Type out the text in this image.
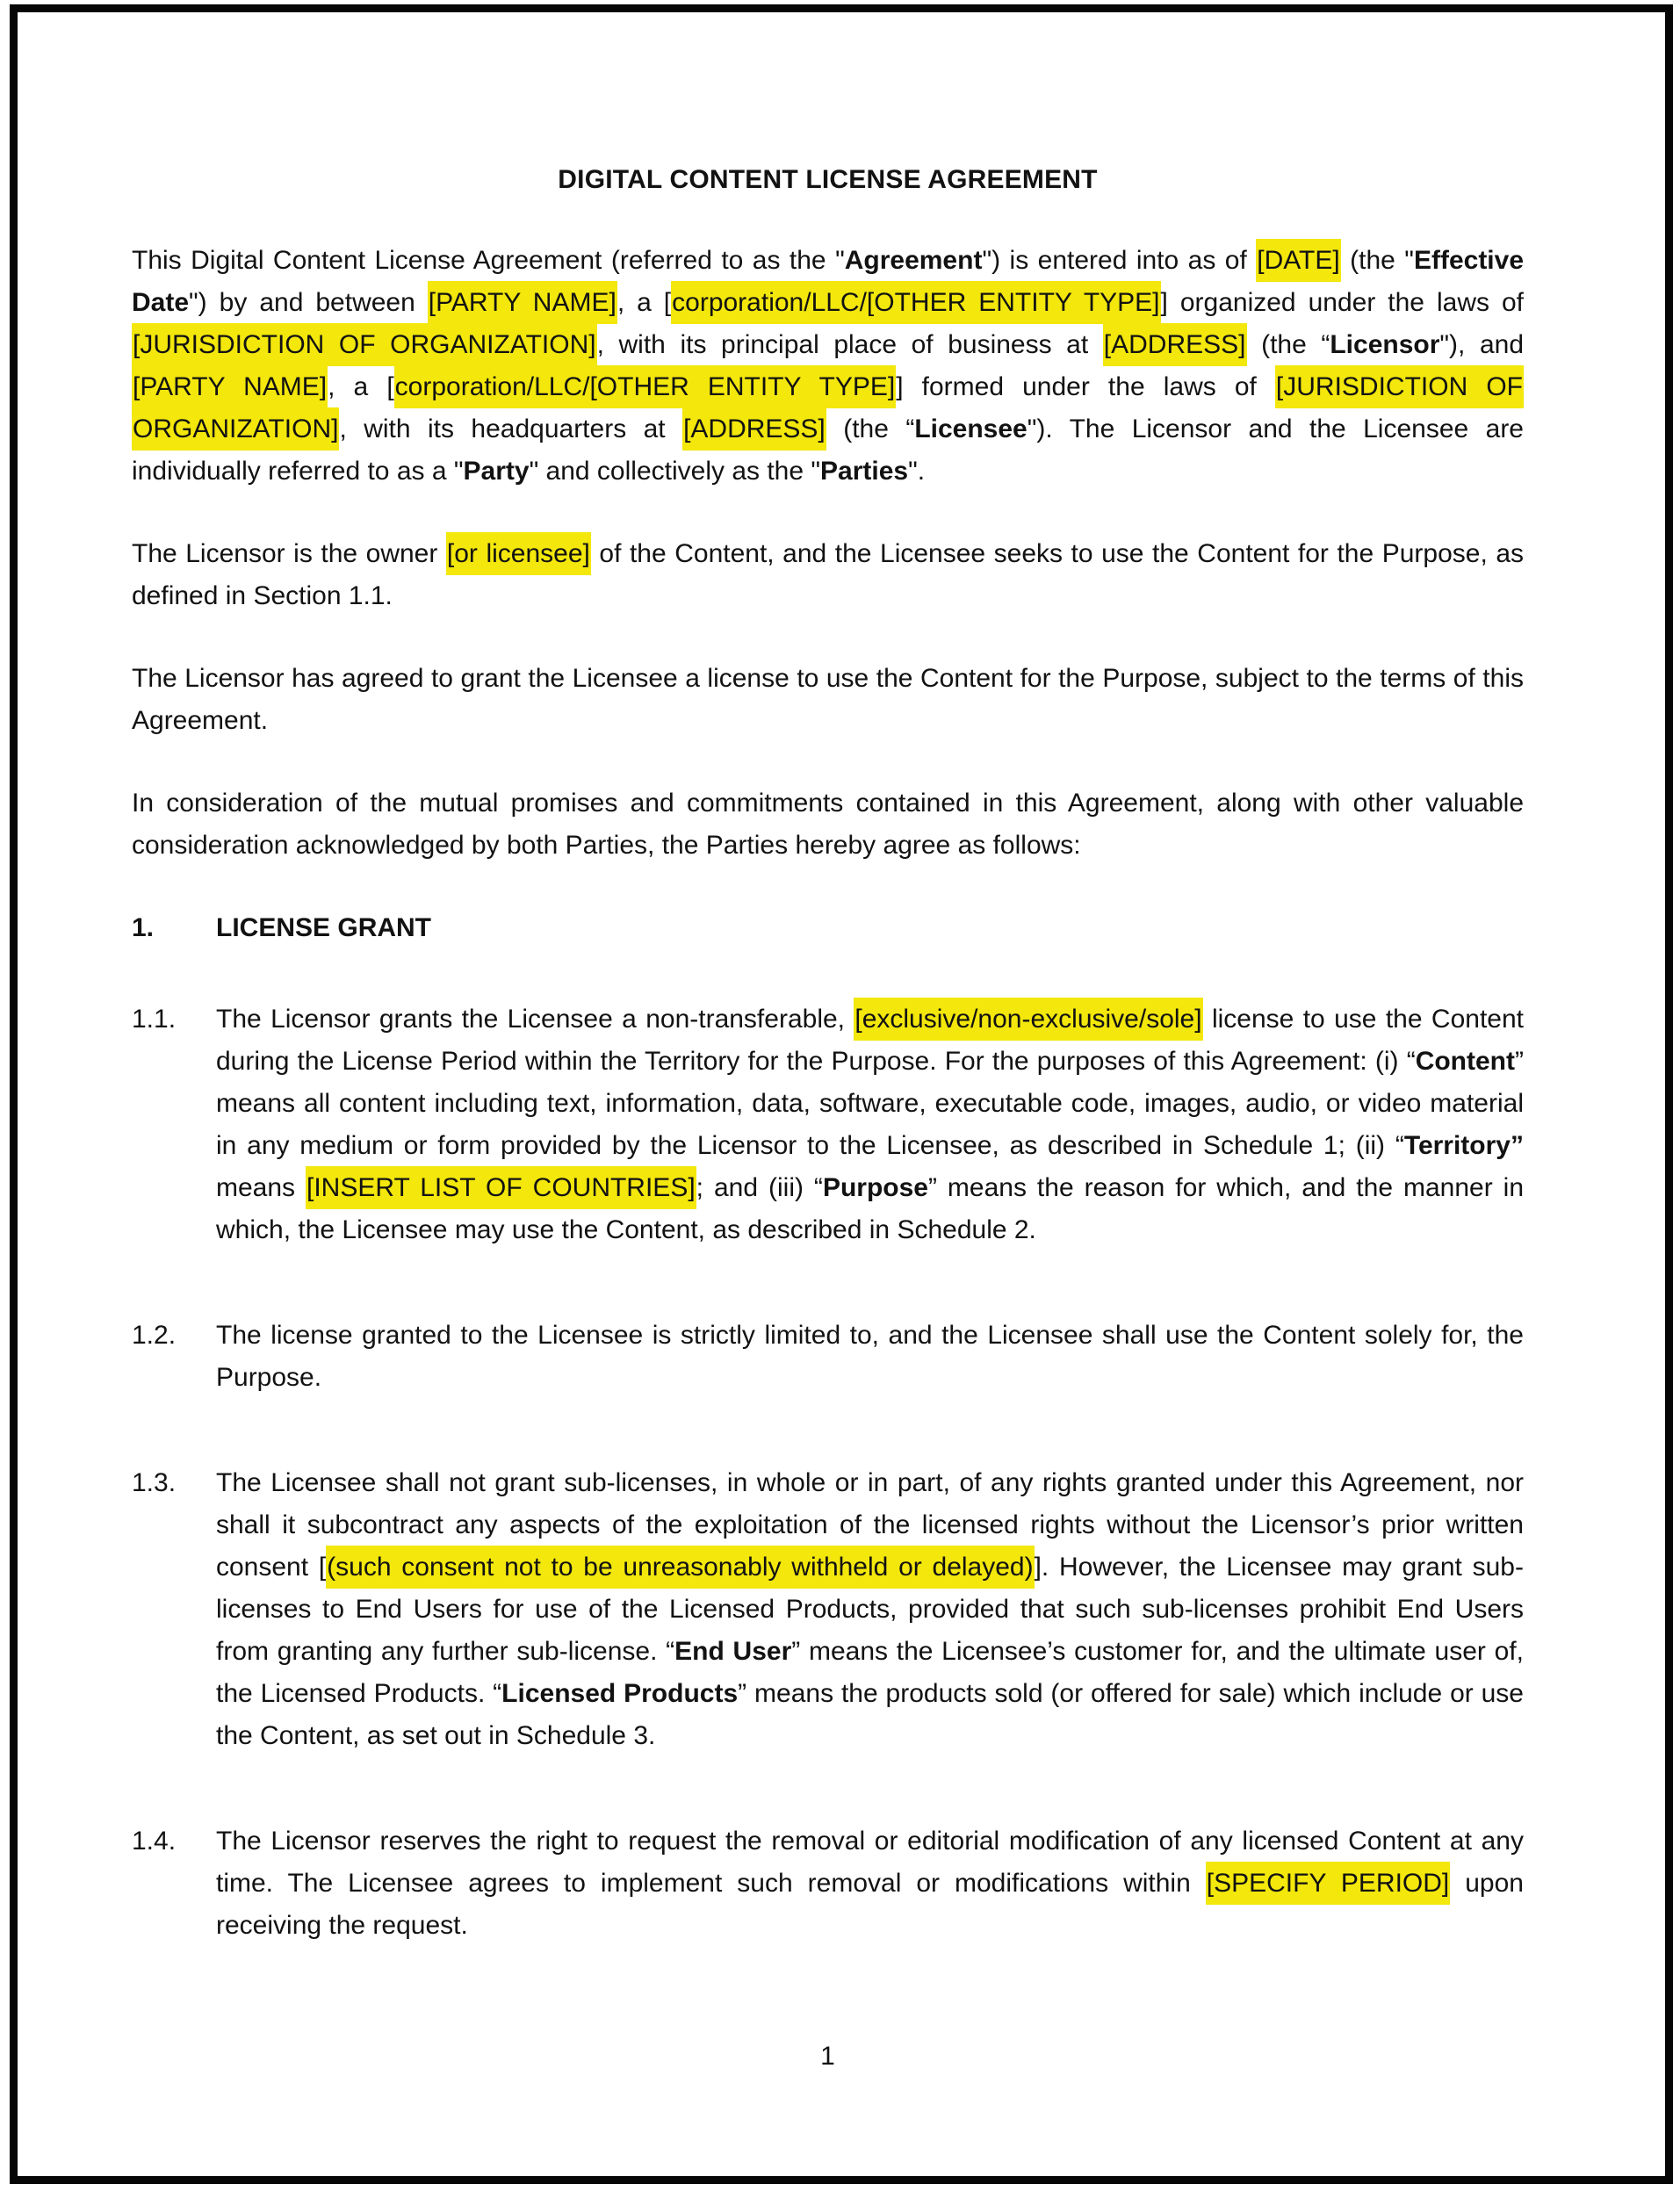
DIGITAL CONTENT LICENSE AGREEMENT

This Digital Content License Agreement (referred to as the "Agreement") is entered into as of [DATE] (the "Effective Date") by and between [PARTY NAME], a [corporation/LLC/[OTHER ENTITY TYPE]] organized under the laws of [JURISDICTION OF ORGANIZATION], with its principal place of business at [ADDRESS] (the “Licensor"), and [PARTY NAME], a [corporation/LLC/[OTHER ENTITY TYPE]] formed under the laws of [JURISDICTION OF ORGANIZATION], with its headquarters at [ADDRESS] (the “Licensee"). The Licensor and the Licensee are individually referred to as a "Party" and collectively as the "Parties".

The Licensor is the owner [or licensee] of the Content, and the Licensee seeks to use the Content for the Purpose, as defined in Section 1.1.

The Licensor has agreed to grant the Licensee a license to use the Content for the Purpose, subject to the terms of this Agreement.

In consideration of the mutual promises and commitments contained in this Agreement, along with other valuable consideration acknowledged by both Parties, the Parties hereby agree as follows:

1.	LICENSE GRANT

1.1.	The Licensor grants the Licensee a non-transferable, [exclusive/non-exclusive/sole] license to use the Content during the License Period within the Territory for the Purpose. For the purposes of this Agreement: (i) “Content” means all content including text, information, data, software, executable code, images, audio, or video material in any medium or form provided by the Licensor to the Licensee, as described in Schedule 1; (ii) “Territory” means [INSERT LIST OF COUNTRIES]; and (iii) “Purpose” means the reason for which, and the manner in which, the Licensee may use the Content, as described in Schedule 2.

1.2.	The license granted to the Licensee is strictly limited to, and the Licensee shall use the Content solely for, the Purpose.

1.3.	The Licensee shall not grant sub-licenses, in whole or in part, of any rights granted under this Agreement, nor shall it subcontract any aspects of the exploitation of the licensed rights without the Licensor’s prior written consent [(such consent not to be unreasonably withheld or delayed)]. However, the Licensee may grant sub-licenses to End Users for use of the Licensed Products, provided that such sub-licenses prohibit End Users from granting any further sub-license. “End User” means the Licensee’s customer for, and the ultimate user of, the Licensed Products. “Licensed Products” means the products sold (or offered for sale) which include or use the Content, as set out in Schedule 3.

1.4.	The Licensor reserves the right to request the removal or editorial modification of any licensed Content at any time. The Licensee agrees to implement such removal or modifications within [SPECIFY PERIOD] upon receiving the request.

1
